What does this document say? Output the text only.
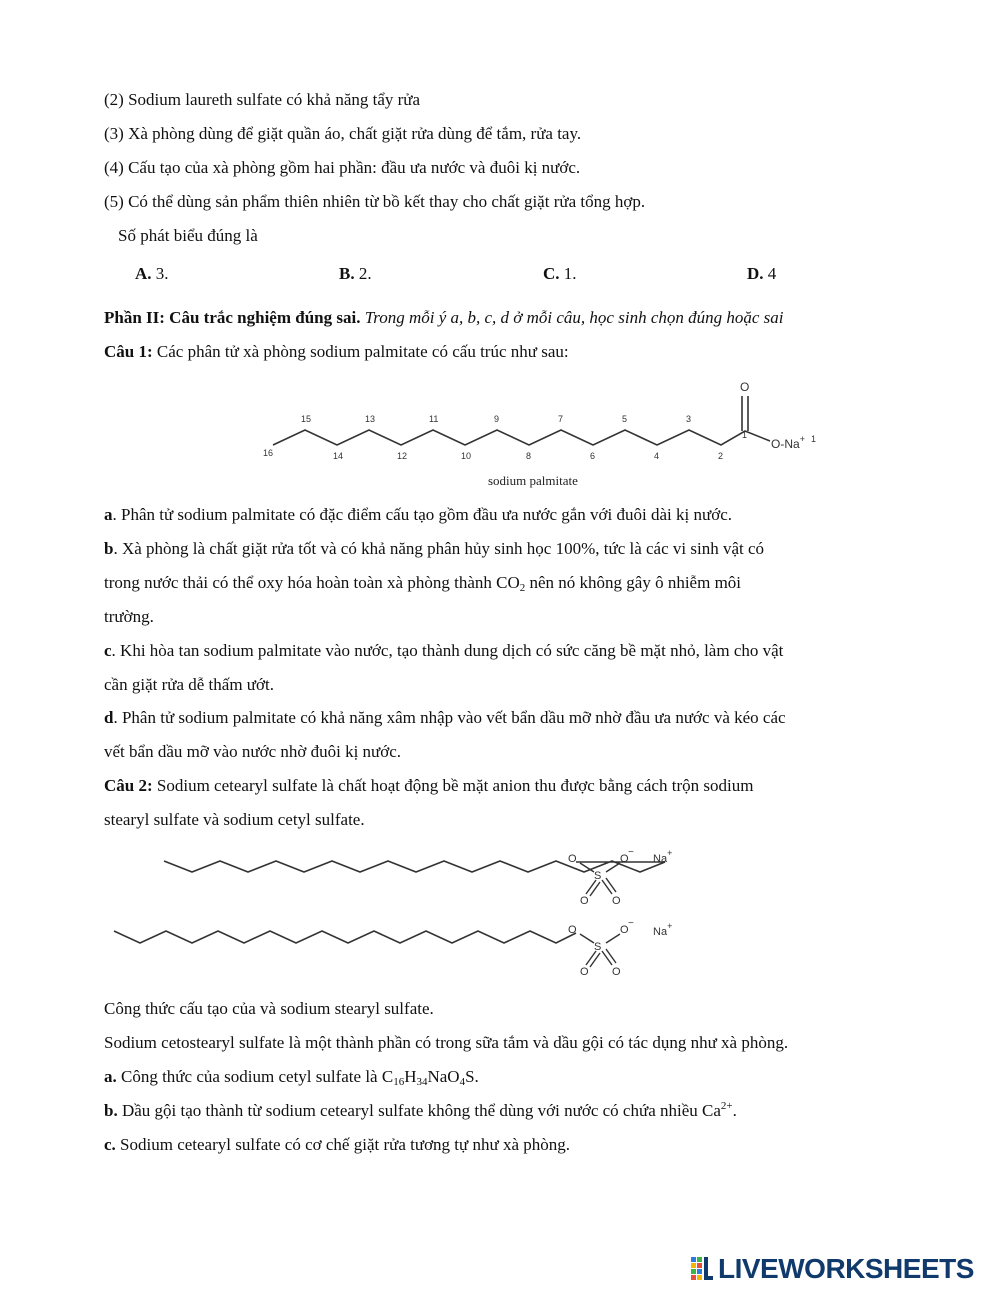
(2) Sodium laureth sulfate có khả năng tẩy rửa
(3) Xà phòng dùng để giặt quần áo, chất giặt rửa dùng để tắm, rửa tay.
(4) Cấu tạo của xà phòng gồm hai phần: đầu ưa nước và đuôi kị nước.
(5) Có thể dùng sản phẩm thiên nhiên từ bồ kết thay cho chất giặt rửa tổng hợp.
Số phát biểu đúng là
A. 3.	B. 2.	C. 1.	D. 4
Phần II: Câu trắc nghiệm đúng sai. Trong mỗi ý a, b, c, d ở mỗi câu, học sinh chọn đúng hoặc sai
Câu 1: Các phân tử xà phòng sodium palmitate có cấu trúc như sau:
O
O-Na+ 1
16
15
14
13
12
11
10
9
8
7
6
5
4
3
2
1
sodium palmitate
a. Phân tử sodium palmitate có đặc điểm cấu tạo gồm đầu ưa nước gắn với đuôi dài kị nước.
b. Xà phòng là chất giặt rửa tốt và có khả năng phân hủy sinh học 100%, tức là các vi sinh vật có
trong nước thải có thể oxy hóa hoàn toàn xà phòng thành $CO_2$ nên nó không gây ô nhiễm môi
trường.
c. Khi hòa tan sodium palmitate vào nước, tạo thành dung dịch có sức căng bề mặt nhỏ, làm cho vật
cần giặt rửa dễ thấm ướt.
d. Phân tử sodium palmitate có khả năng xâm nhập vào vết bẩn dầu mỡ nhờ đầu ưa nước và kéo các
vết bẩn dầu mỡ vào nước nhờ đuôi kị nước.
Câu 2: Sodium cetearyl sulfate là chất hoạt động bề mặt anion thu được bằng cách trộn sodium
stearyl sulfate và sodium cetyl sulfate.
O
S
O
−
O O
Na+
O
S
O
−
O O
Na+
Công thức cấu tạo của và sodium stearyl sulfate.
Sodium cetostearyl sulfate là một thành phần có trong sữa tắm và dầu gội có tác dụng như xà phòng.
a. Công thức của sodium cetyl sulfate là $C_{16}H_{34}NaO_4S$.
b. Dầu gội tạo thành từ sodium cetearyl sulfate không thể dùng với nước có chứa nhiều $Ca^{2+}$.
c. Sodium cetearyl sulfate có cơ chế giặt rửa tương tự như xà phòng.
LIVEWORKSHEETS
